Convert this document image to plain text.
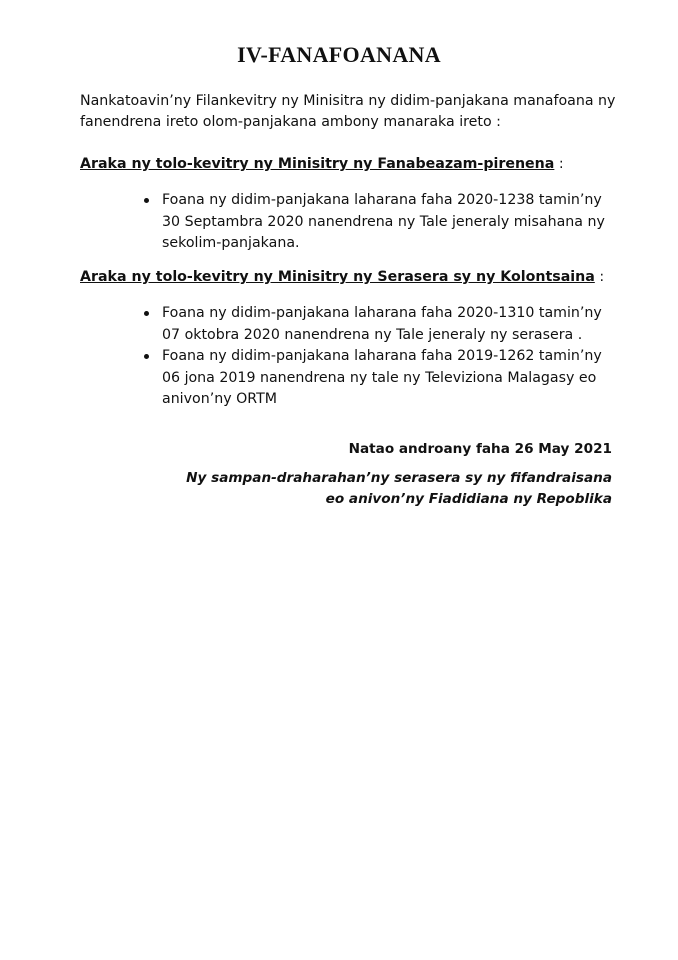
IV-FANAFOANANA

Nankatoavin’ny Filankevitry ny Minisitra ny didim-panjakana manafoana ny fanendrena ireto olom-panjakana ambony manaraka ireto :

Araka ny tolo-kevitry ny Minisitry ny Fanabeazam-pirenena :

Foana ny didim-panjakana laharana faha 2020-1238 tamin’ny 30 Septambra 2020 nanendrena ny Tale jeneraly misahana ny sekolim-panjakana.

Araka ny tolo-kevitry ny Minisitry ny Serasera sy ny Kolontsaina :

Foana ny didim-panjakana laharana faha 2020-1310 tamin’ny 07 oktobra 2020 nanendrena ny Tale jeneraly ny serasera .
Foana ny didim-panjakana laharana faha 2019-1262 tamin’ny 06 jona 2019 nanendrena ny tale ny Televiziona Malagasy eo anivon’ny ORTM

Natao androany faha 26 May 2021

Ny sampan-draharahan’ny serasera sy ny fifandraisana
eo anivon’ny Fiadidiana ny Repoblika
